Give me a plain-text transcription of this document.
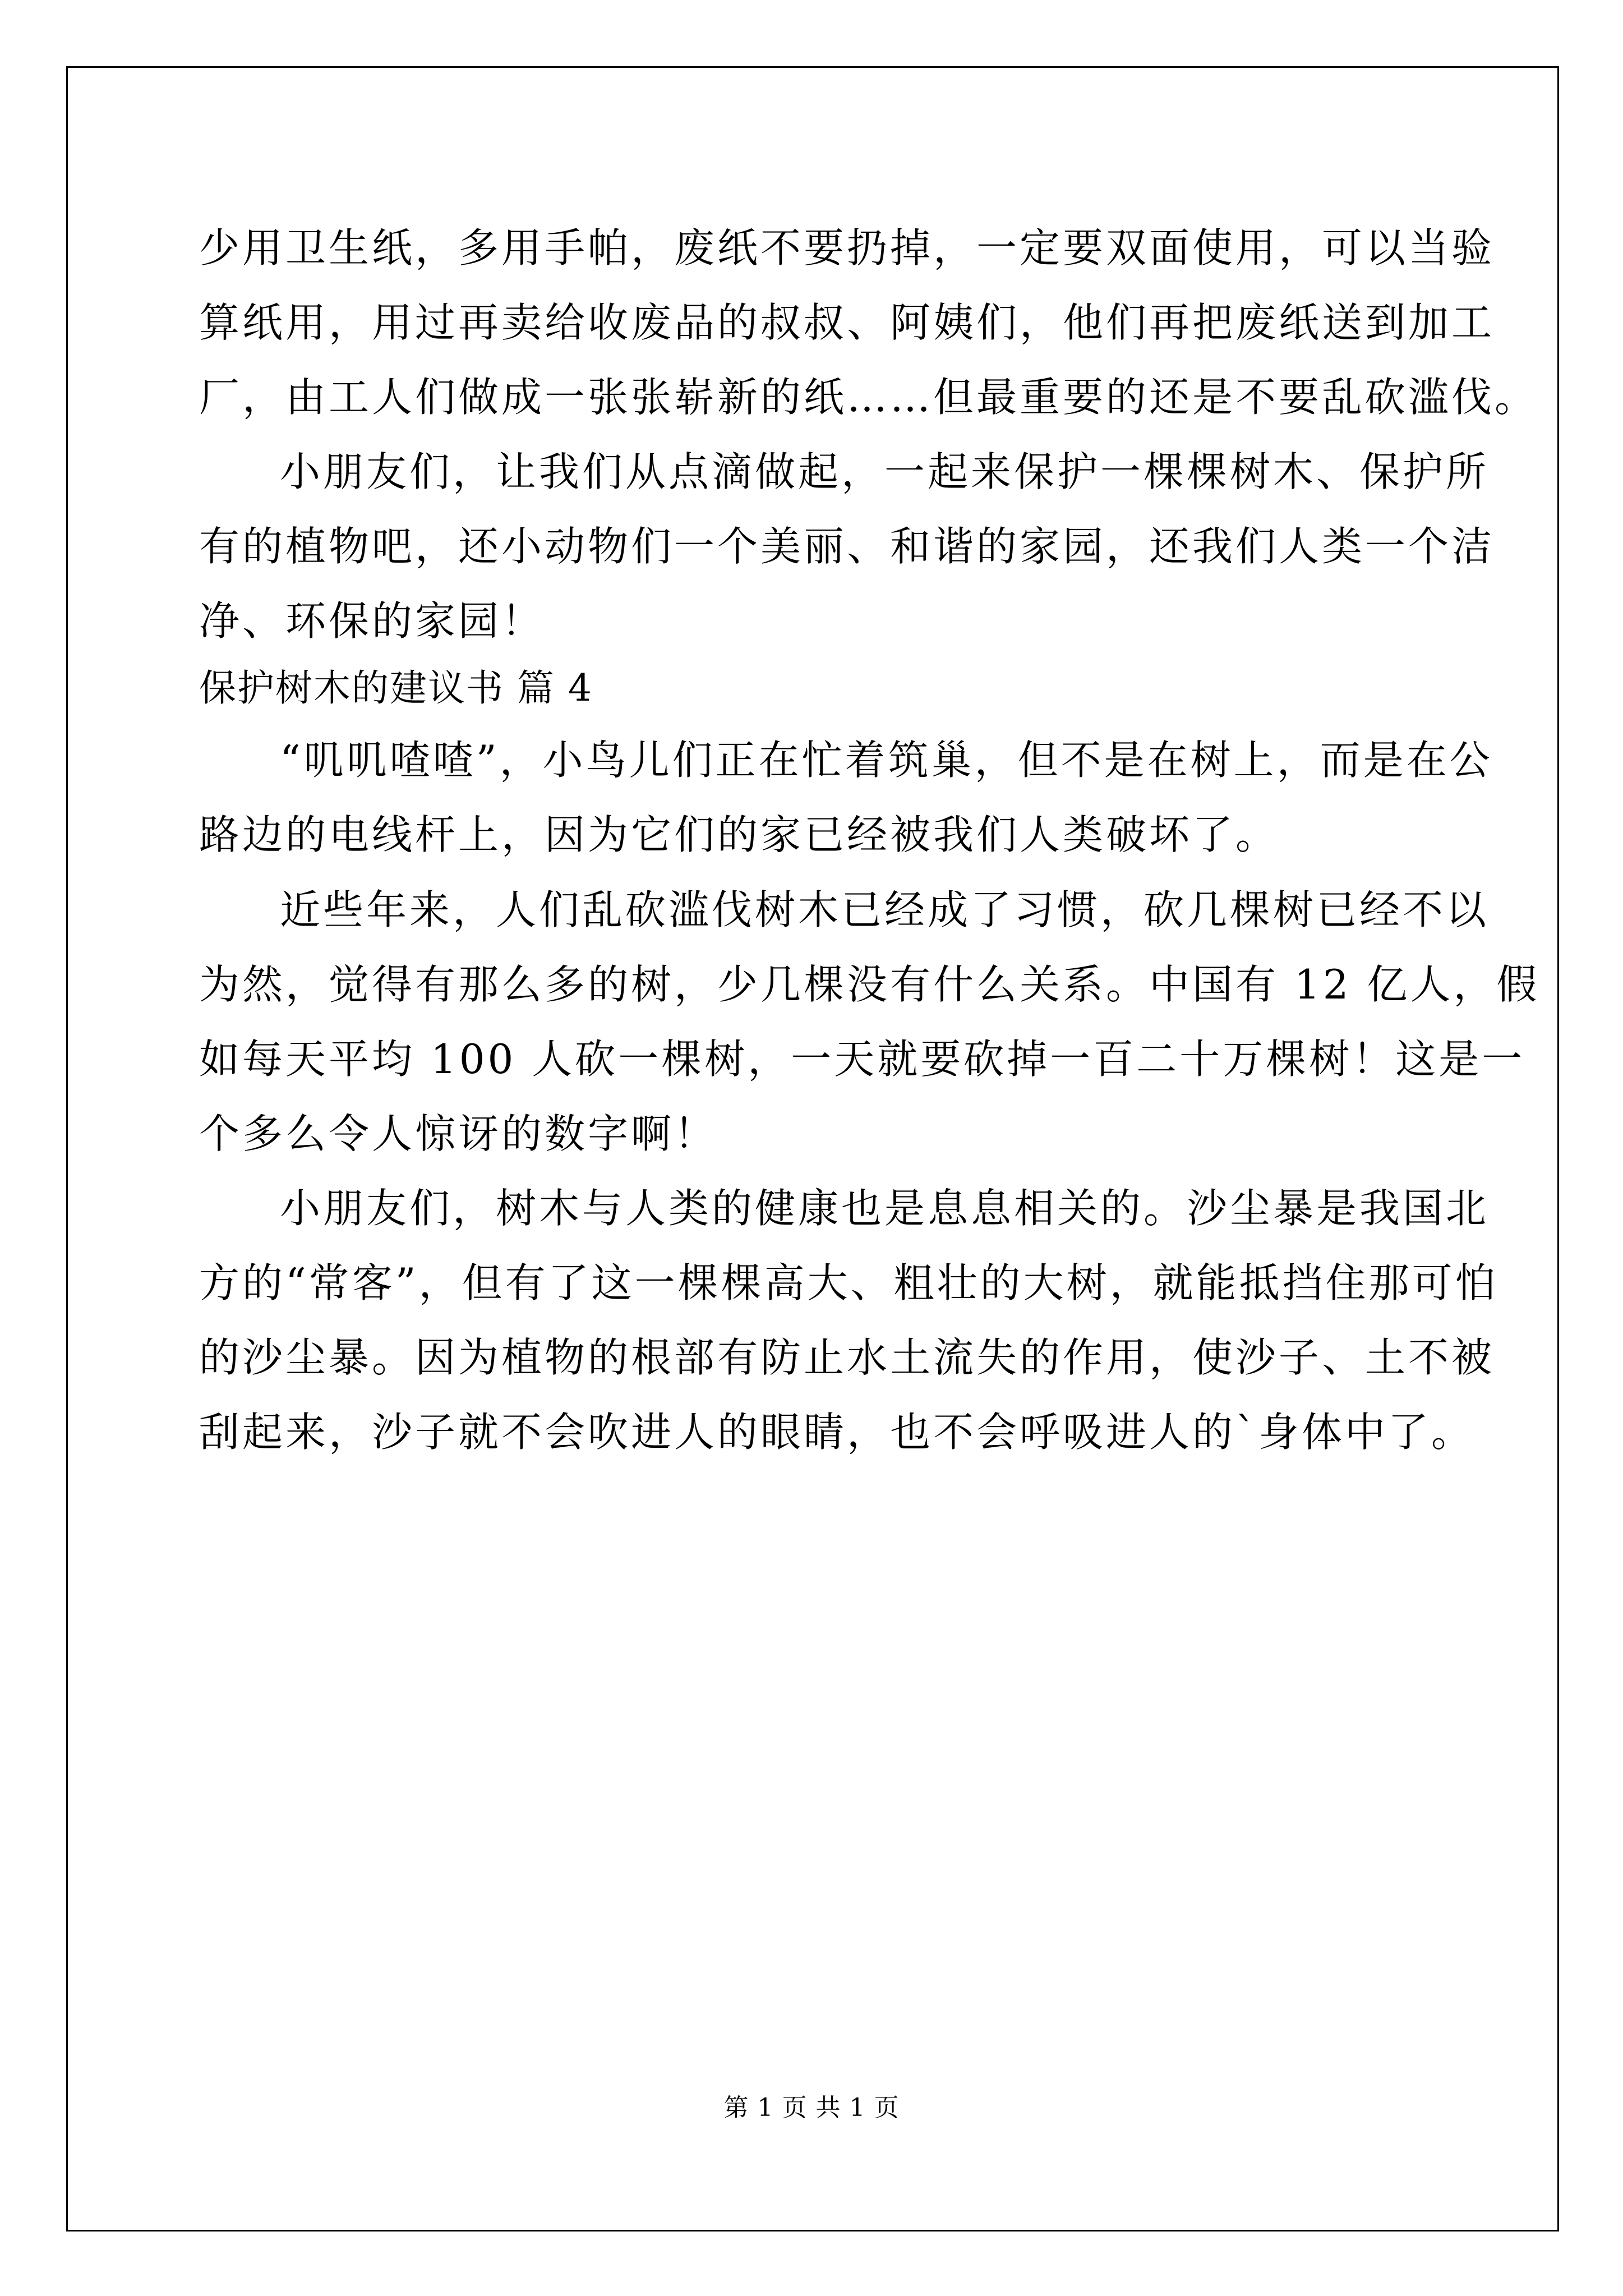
少用卫生纸，多用手帕，废纸不要扔掉，一定要双面使用，可以当验
算纸用，用过再卖给收废品的叔叔、阿姨们，他们再把废纸送到加工
厂，由工人们做成一张张崭新的纸……但最重要的还是不要乱砍滥伐。
小朋友们，让我们从点滴做起，一起来保护一棵棵树木、保护所
有的植物吧，还小动物们一个美丽、和谐的家园，还我们人类一个洁
净、环保的家园！
保护树木的建议书 篇 4
“叽叽喳喳”，小鸟儿们正在忙着筑巢，但不是在树上，而是在公
路边的电线杆上，因为它们的家已经被我们人类破坏了。
近些年来，人们乱砍滥伐树木已经成了习惯，砍几棵树已经不以
为然，觉得有那么多的树，少几棵没有什么关系。中国有 12 亿人，假
如每天平均 100 人砍一棵树，一天就要砍掉一百二十万棵树！这是一
个多么令人惊讶的数字啊！
小朋友们，树木与人类的健康也是息息相关的。沙尘暴是我国北
方的“常客”，但有了这一棵棵高大、粗壮的大树，就能抵挡住那可怕
的沙尘暴。因为植物的根部有防止水土流失的作用，使沙子、土不被
刮起来，沙子就不会吹进人的眼睛，也不会呼吸进人的`身体中了。
第 1 页 共 1 页
